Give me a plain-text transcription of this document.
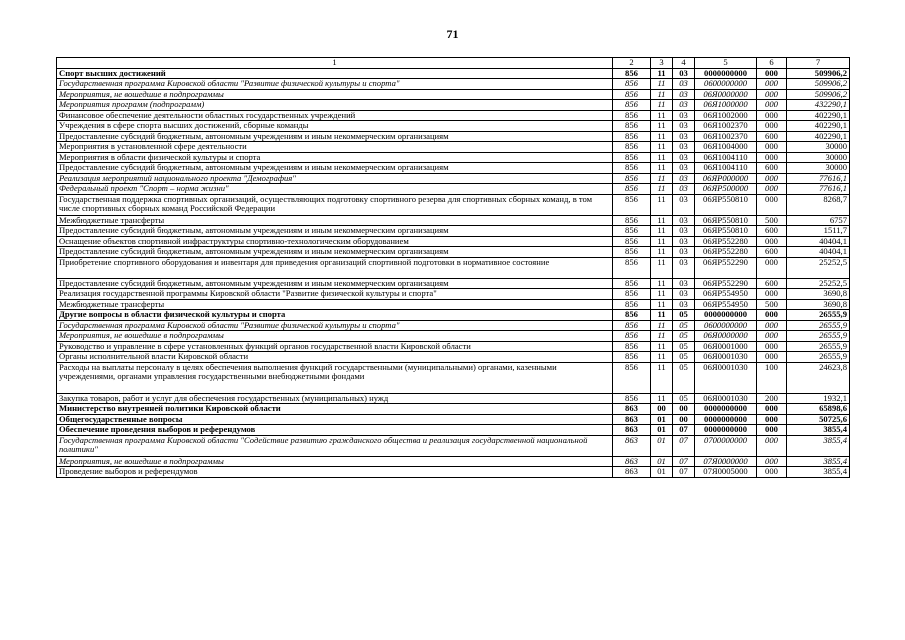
71
1	2	3	4	5	6	7
Спорт высших достижений	856	11	03	0000000000	000	509906,2
Государственная программа Кировской области "Развитие физической культуры и спорта"	856	11	03	0600000000	000	509906,2
Мероприятия, не вошедшие в подпрограммы	856	11	03	06Я0000000	000	509906,2
Мероприятия программ (подпрограмм)	856	11	03	06Я1000000	000	432290,1
Финансовое обеспечение деятельности областных государственных учреждений	856	11	03	06Я1002000	000	402290,1
Учреждения в сфере спорта высших достижений, сборные команды	856	11	03	06Я1002370	000	402290,1
Предоставление субсидий бюджетным, автономным учреждениям и иным некоммерческим организациям	856	11	03	06Я1002370	600	402290,1
Мероприятия в установленной сфере деятельности	856	11	03	06Я1004000	000	30000
Мероприятия в области физической культуры и спорта	856	11	03	06Я1004110	000	30000
Предоставление субсидий бюджетным, автономным учреждениям и иным некоммерческим организациям	856	11	03	06Я1004110	600	30000
Реализация мероприятий национального проекта "Демография"	856	11	03	06ЯР000000	000	77616,1
Федеральный проект "Спорт – норма жизни"	856	11	03	06ЯР500000	000	77616,1
Государственная поддержка спортивных организаций, осуществляющих подготовку спортивного резерва для спортивных сборных команд, в том числе спортивных сборных команд Российской Федерации	856	11	03	06ЯР550810	000	8268,7
Межбюджетные трансферты	856	11	03	06ЯР550810	500	6757
Предоставление субсидий бюджетным, автономным учреждениям и иным некоммерческим организациям	856	11	03	06ЯР550810	600	1511,7
Оснащение объектов спортивной инфраструктуры спортивно-технологическим оборудованием	856	11	03	06ЯР552280	000	40404,1
Предоставление субсидий бюджетным, автономным учреждениям и иным некоммерческим организациям	856	11	03	06ЯР552280	600	40404,1
Приобретение спортивного оборудования и инвентаря для приведения организаций спортивной подготовки в нормативное состояние	856	11	03	06ЯР552290	000	25252,5
Предоставление субсидий бюджетным, автономным учреждениям и иным некоммерческим организациям	856	11	03	06ЯР552290	600	25252,5
Реализация государственной программы Кировской области "Развитие физической культуры и спорта"	856	11	03	06ЯР554950	000	3690,8
Межбюджетные трансферты	856	11	03	06ЯР554950	500	3690,8
Другие вопросы в области физической культуры и спорта	856	11	05	0000000000	000	26555,9
Государственная программа Кировской области "Развитие физической культуры и спорта"	856	11	05	0600000000	000	26555,9
Мероприятия, не вошедшие в подпрограммы	856	11	05	06Я0000000	000	26555,9
Руководство и управление в сфере установленных функций органов государственной власти Кировской области	856	11	05	06Я0001000	000	26555,9
Органы исполнительной власти Кировской области	856	11	05	06Я0001030	000	26555,9
Расходы на выплаты персоналу в целях обеспечения выполнения функций государственными (муниципальными) органами, казенными учреждениями, органами управления государственными внебюджетными фондами	856	11	05	06Я0001030	100	24623,8
Закупка товаров, работ и услуг для обеспечения государственных (муниципальных) нужд	856	11	05	06Я0001030	200	1932,1
Министерство внутренней политики Кировской области	863	00	00	0000000000	000	65898,6
Общегосударственные вопросы	863	01	00	0000000000	000	50725,6
Обеспечение проведения выборов и референдумов	863	01	07	0000000000	000	3855,4
Государственная программа Кировской области "Содействие развитию гражданского общества и реализация государственной национальной политики"	863	01	07	0700000000	000	3855,4
Мероприятия, не вошедшие в подпрограммы	863	01	07	07Я0000000	000	3855,4
Проведение выборов и референдумов	863	01	07	07Я0005000	000	3855,4
